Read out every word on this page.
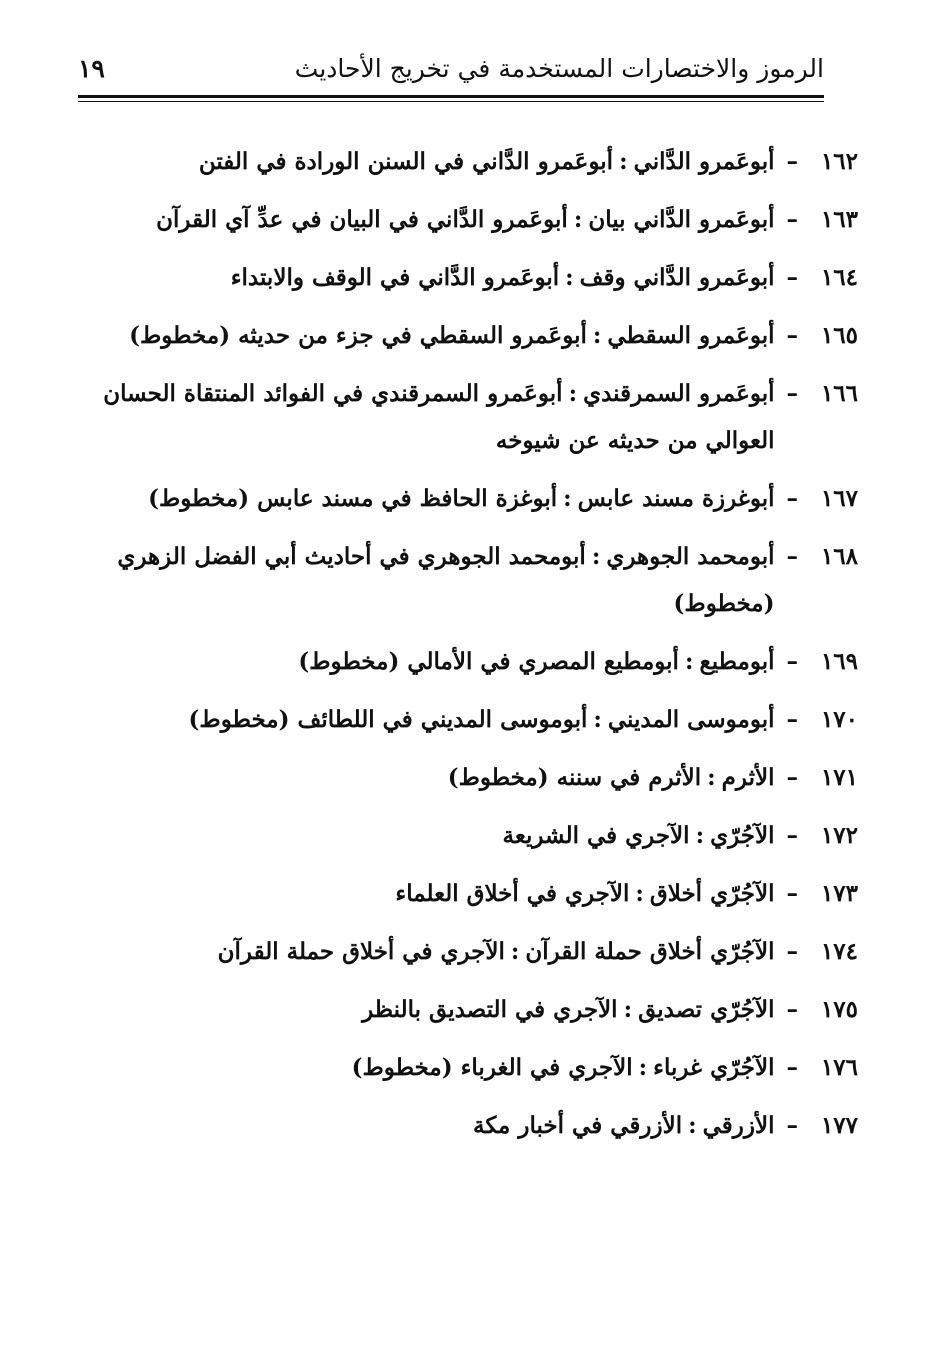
الرموز والاختصارات المستخدمة في تخريج الأحاديث
١٩
١٦٢
–
أبوعَمرو الدَّاني:أبوعَمرو الدَّاني في السنن الورادة في الفتن
١٦٣
–
أبوعَمرو الدَّاني بيان:أبوعَمرو الدَّاني في البيان في عدِّ آي القرآن
١٦٤
–
أبوعَمرو الدَّاني وقف:أبوعَمرو الدَّاني في الوقف والابتداء
١٦٥
–
أبوعَمرو السقطي:أبوعَمرو السقطي في جزء من حديثه (مخطوط)
١٦٦
–
أبوعَمرو السمرقندي:أبوعَمرو السمرقندي في الفوائد المنتقاة الحسان العوالي من حديثه عن شيوخه
١٦٧
–
أبوغرزة مسند عابس:أبوغزة الحافظ في مسند عابس (مخطوط)
١٦٨
–
أبومحمد الجوهري:أبومحمد الجوهري في أحاديث أبي الفضل الزهري (مخطوط)
١٦٩
–
أبومطيع:أبومطيع المصري في الأمالي (مخطوط)
١٧٠
–
أبوموسى المديني:أبوموسى المديني في اللطائف (مخطوط)
١٧١
–
الأثرم:الأثرم في سننه (مخطوط)
١٧٢
–
الآجُرّي:الآجري في الشريعة
١٧٣
–
الآجُرّي أخلاق:الآجري في أخلاق العلماء
١٧٤
–
الآجُرّي أخلاق حملة القرآن:الآجري في أخلاق حملة القرآن
١٧٥
–
الآجُرّي تصديق:الآجري في التصديق بالنظر
١٧٦
–
الآجُرّي غرباء:الآجري في الغرباء (مخطوط)
١٧٧
–
الأزرقي:الأزرقي في أخبار مكة
